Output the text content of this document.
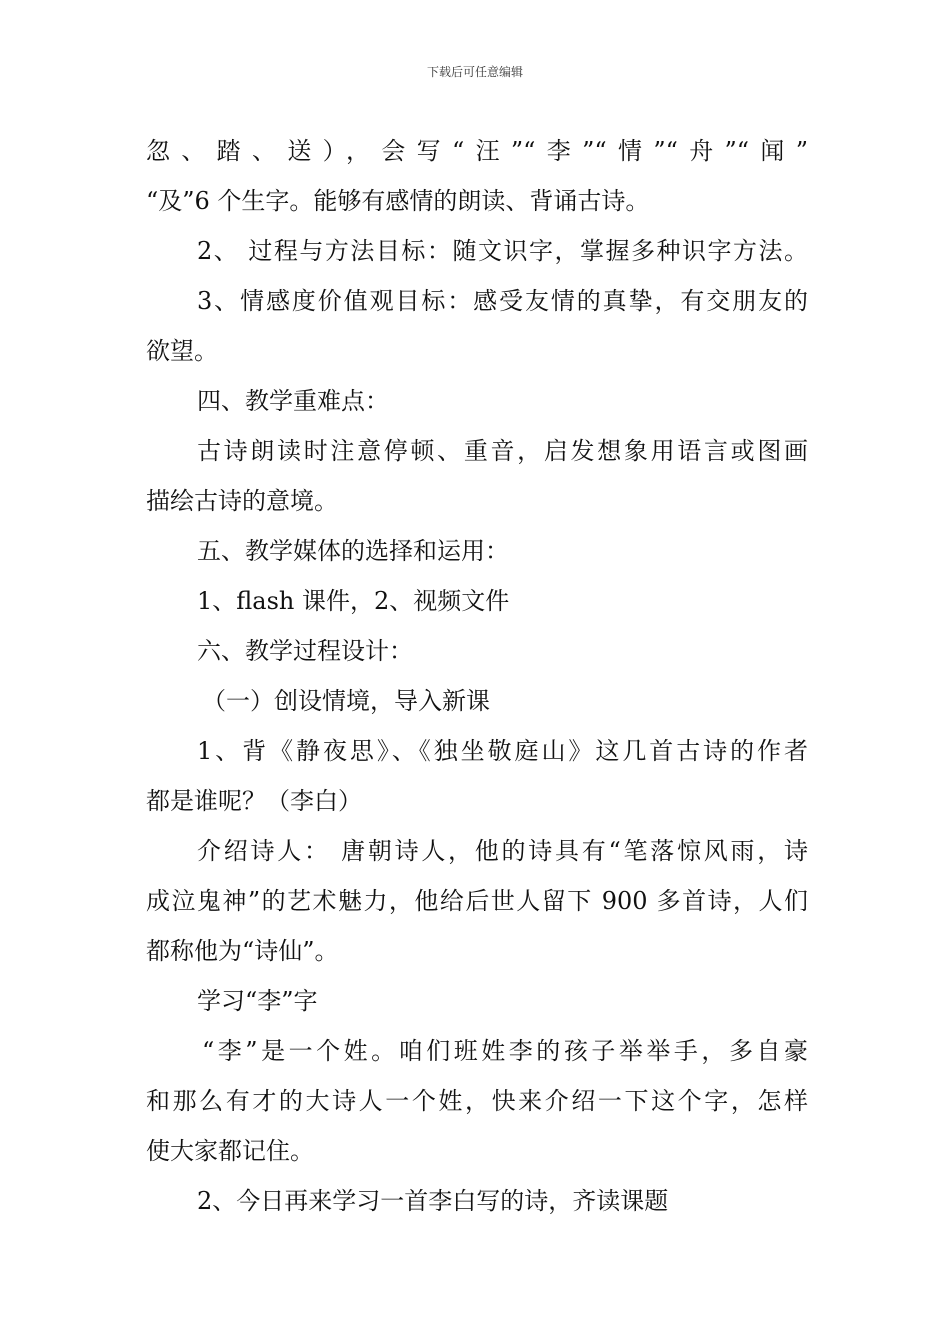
下载后可任意编辑
忽、踏、送），会写“汪”“李”“情”“舟”“闻”
“及”6 个生字。能够有感情的朗读、背诵古诗。
2、 过程与方法目标：随文识字，掌握多种识字方法。
3、情感度价值观目标：感受友情的真挚，有交朋友的
欲望。
四、教学重难点：
古诗朗读时注意停顿、重音，启发想象用语言或图画
描绘古诗的意境。
五、教学媒体的选择和运用：
1、flash 课件，2、视频文件
六、教学过程设计：
（一）创设情境，导入新课
1、背《静夜思》、《独坐敬庭山》这几首古诗的作者
都是谁呢？（李白）
介绍诗人： 唐朝诗人，他的诗具有“笔落惊风雨，诗
成泣鬼神”的艺术魅力，他给后世人留下 900 多首诗，人们
都称他为“诗仙”。
学习“李”字
“李”是一个姓。咱们班姓李的孩子举举手，多自豪
和那么有才的大诗人一个姓，快来介绍一下这个字，怎样
使大家都记住。
2、今日再来学习一首李白写的诗，齐读课题
